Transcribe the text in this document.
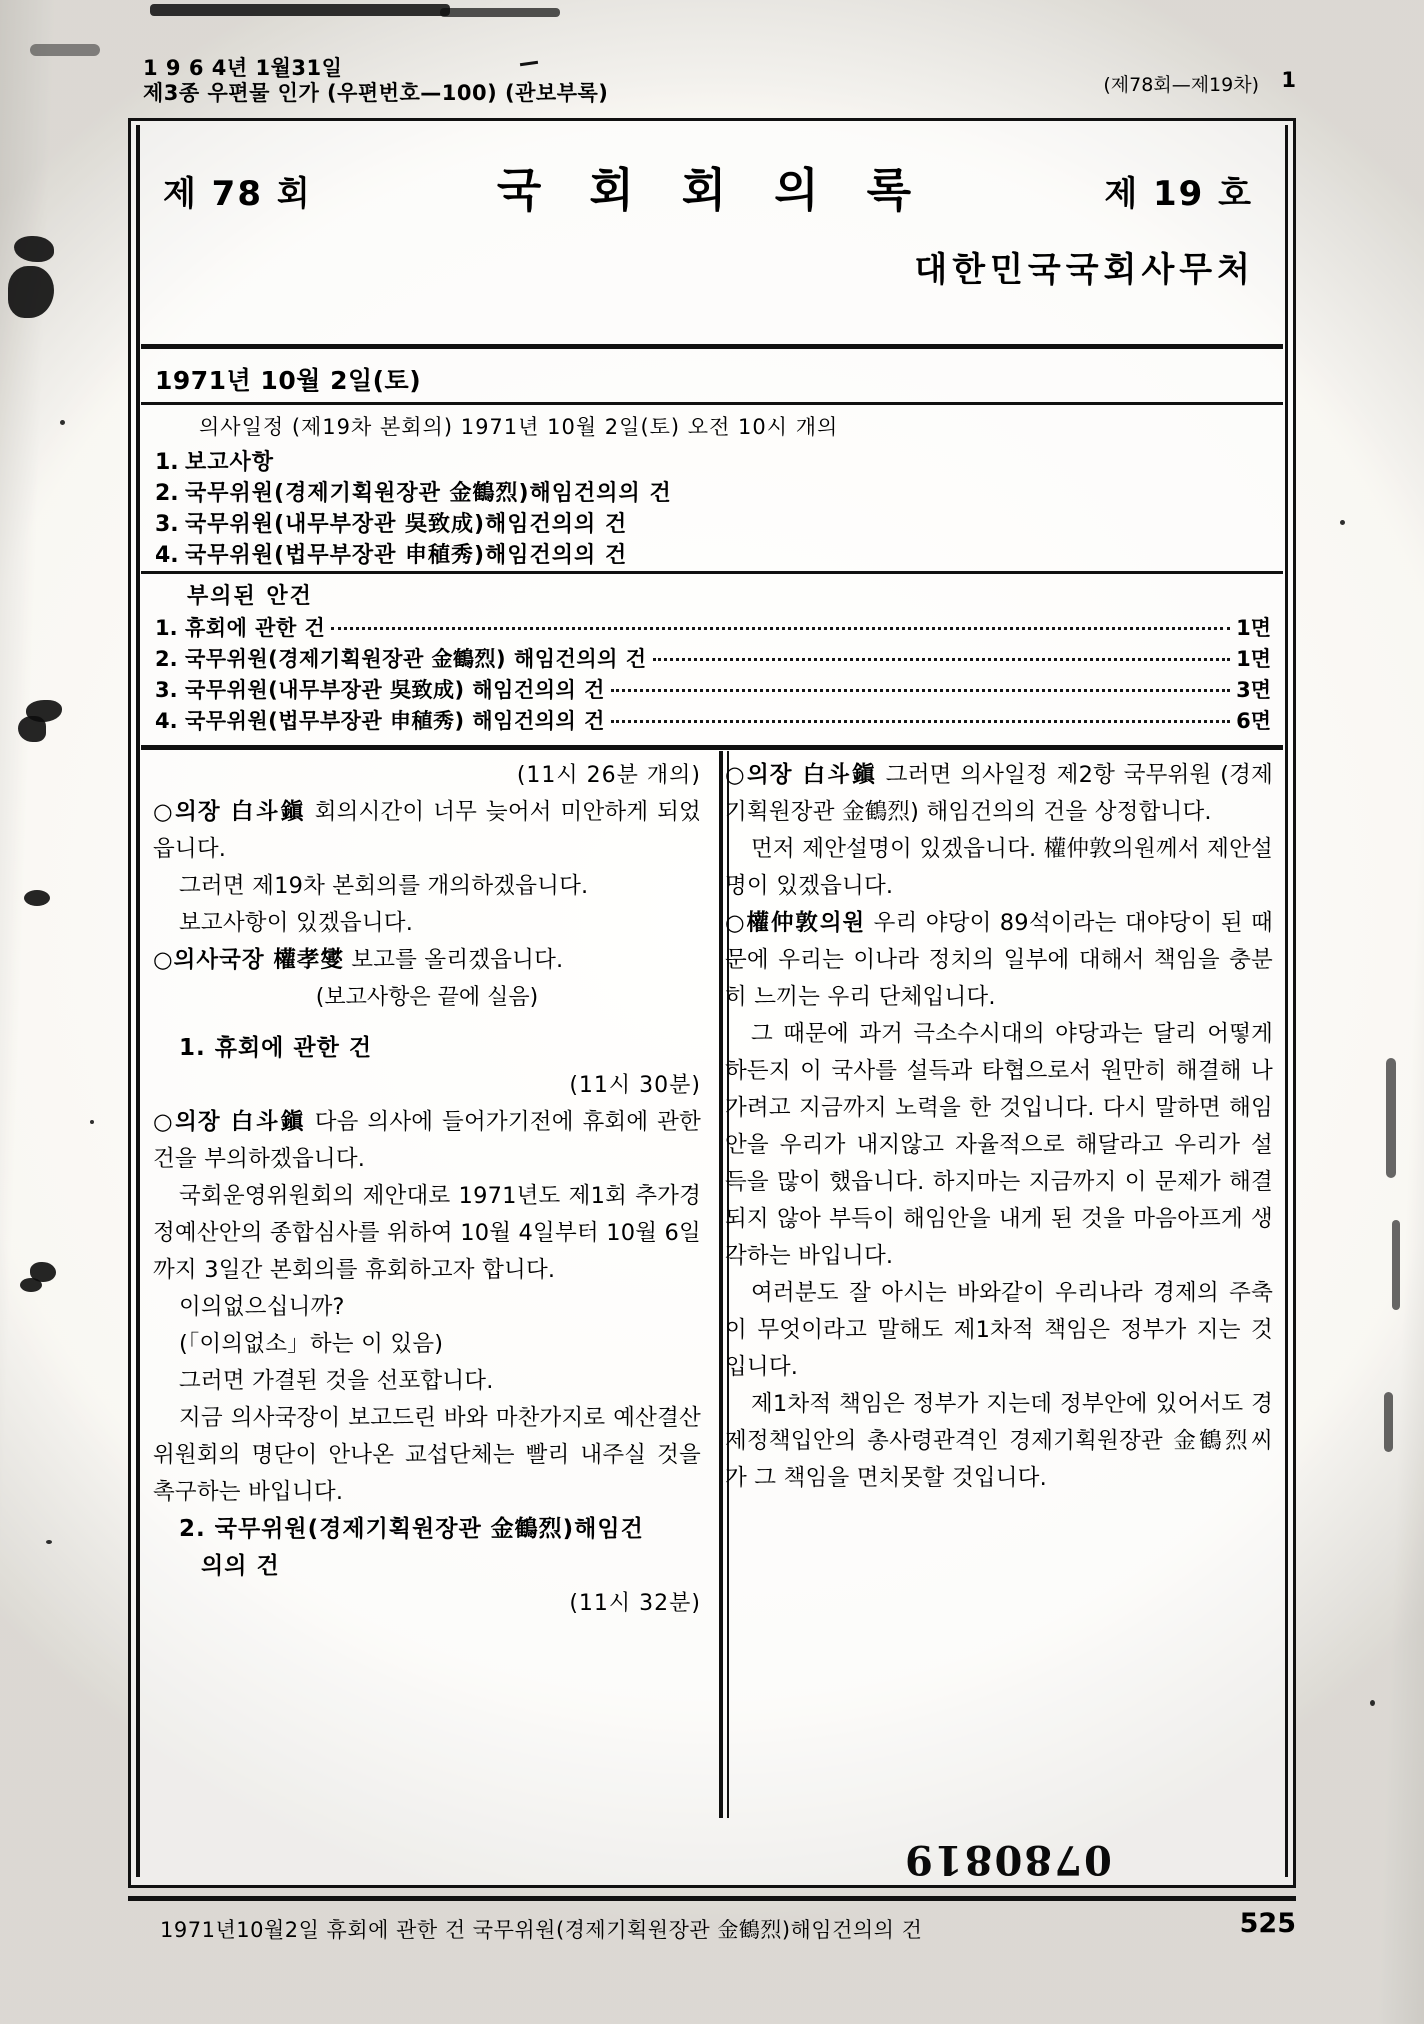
1 9 6 4년 1월31일
제3종 우편물 인가 (우편번호—100) (관보부록)	(제78회—제19차) 1
제 78 회	국 회 회 의 록	제 19 호
대한민국국회사무처
1971년 10월 2일(토)
의사일정 (제19차 본회의) 1971년 10월 2일(토) 오전 10시 개의
1. 보고사항
2. 국무위원(경제기획원장관 金鶴烈)해임건의의 건
3. 국무위원(내무부장관 吳致成)해임건의의 건
4. 국무위원(법무부장관 申稙秀)해임건의의 건
부의된 안건
1. 휴회에 관한 건	1면
2. 국무위원(경제기획원장관 金鶴烈) 해임건의의 건	1면
3. 국무위원(내무부장관 吳致成) 해임건의의 건	3면
4. 국무위원(법무부장관 申稙秀) 해임건의의 건	6면
(11시 26분 개의)
○의장 白斗鎭 회의시간이 너무 늦어서 미안하게 되었읍니다.
그러면 제19차 본회의를 개의하겠읍니다.
보고사항이 있겠읍니다.
○의사국장 權孝燮 보고를 올리겠읍니다.
(보고사항은 끝에 실음)
1. 휴회에 관한 건
(11시 30분)
○의장 白斗鎭 다음 의사에 들어가기전에 휴회에 관한 건을 부의하겠읍니다.
국회운영위원회의 제안대로 1971년도 제1회 추가경정예산안의 종합심사를 위하여 10월 4일부터 10월 6일까지 3일간 본회의를 휴회하고자 합니다.
이의없으십니까?
(「이의없소」하는 이 있음)
그러면 가결된 것을 선포합니다.
지금 의사국장이 보고드린 바와 마찬가지로 예산결산위원회의 명단이 안나온 교섭단체는 빨리 내주실 것을 촉구하는 바입니다.
2. 국무위원(경제기획원장관 金鶴烈)해임건
의의 건
(11시 32분)
○의장 白斗鎭 그러면 의사일정 제2항 국무위원 (경제기획원장관 金鶴烈) 해임건의의 건을 상정합니다.
먼저 제안설명이 있겠읍니다. 權仲敦의원께서 제안설명이 있겠읍니다.
○權仲敦의원 우리 야당이 89석이라는 대야당이 된 때문에 우리는 이나라 정치의 일부에 대해서 책임을 충분히 느끼는 우리 단체입니다.
그 때문에 과거 극소수시대의 야당과는 달리 어떻게 하든지 이 국사를 설득과 타협으로서 원만히 해결해 나가려고 지금까지 노력을 한 것입니다. 다시 말하면 해임안을 우리가 내지않고 자율적으로 해달라고 우리가 설득을 많이 했읍니다. 하지마는 지금까지 이 문제가 해결되지 않아 부득이 해임안을 내게 된 것을 마음아프게 생각하는 바입니다.
여러분도 잘 아시는 바와같이 우리나라 경제의 주축이 무엇이라고 말해도 제1차적 책임은 정부가 지는 것입니다.
제1차적 책임은 정부가 지는데 정부안에 있어서도 경제정책입안의 총사령관격인 경제기획원장관 金鶴烈씨가 그 책임을 면치못할 것입니다.
0780819
1971년10월2일 휴회에 관한 건 국무위원(경제기획원장관 金鶴烈)해임건의의 건	525
